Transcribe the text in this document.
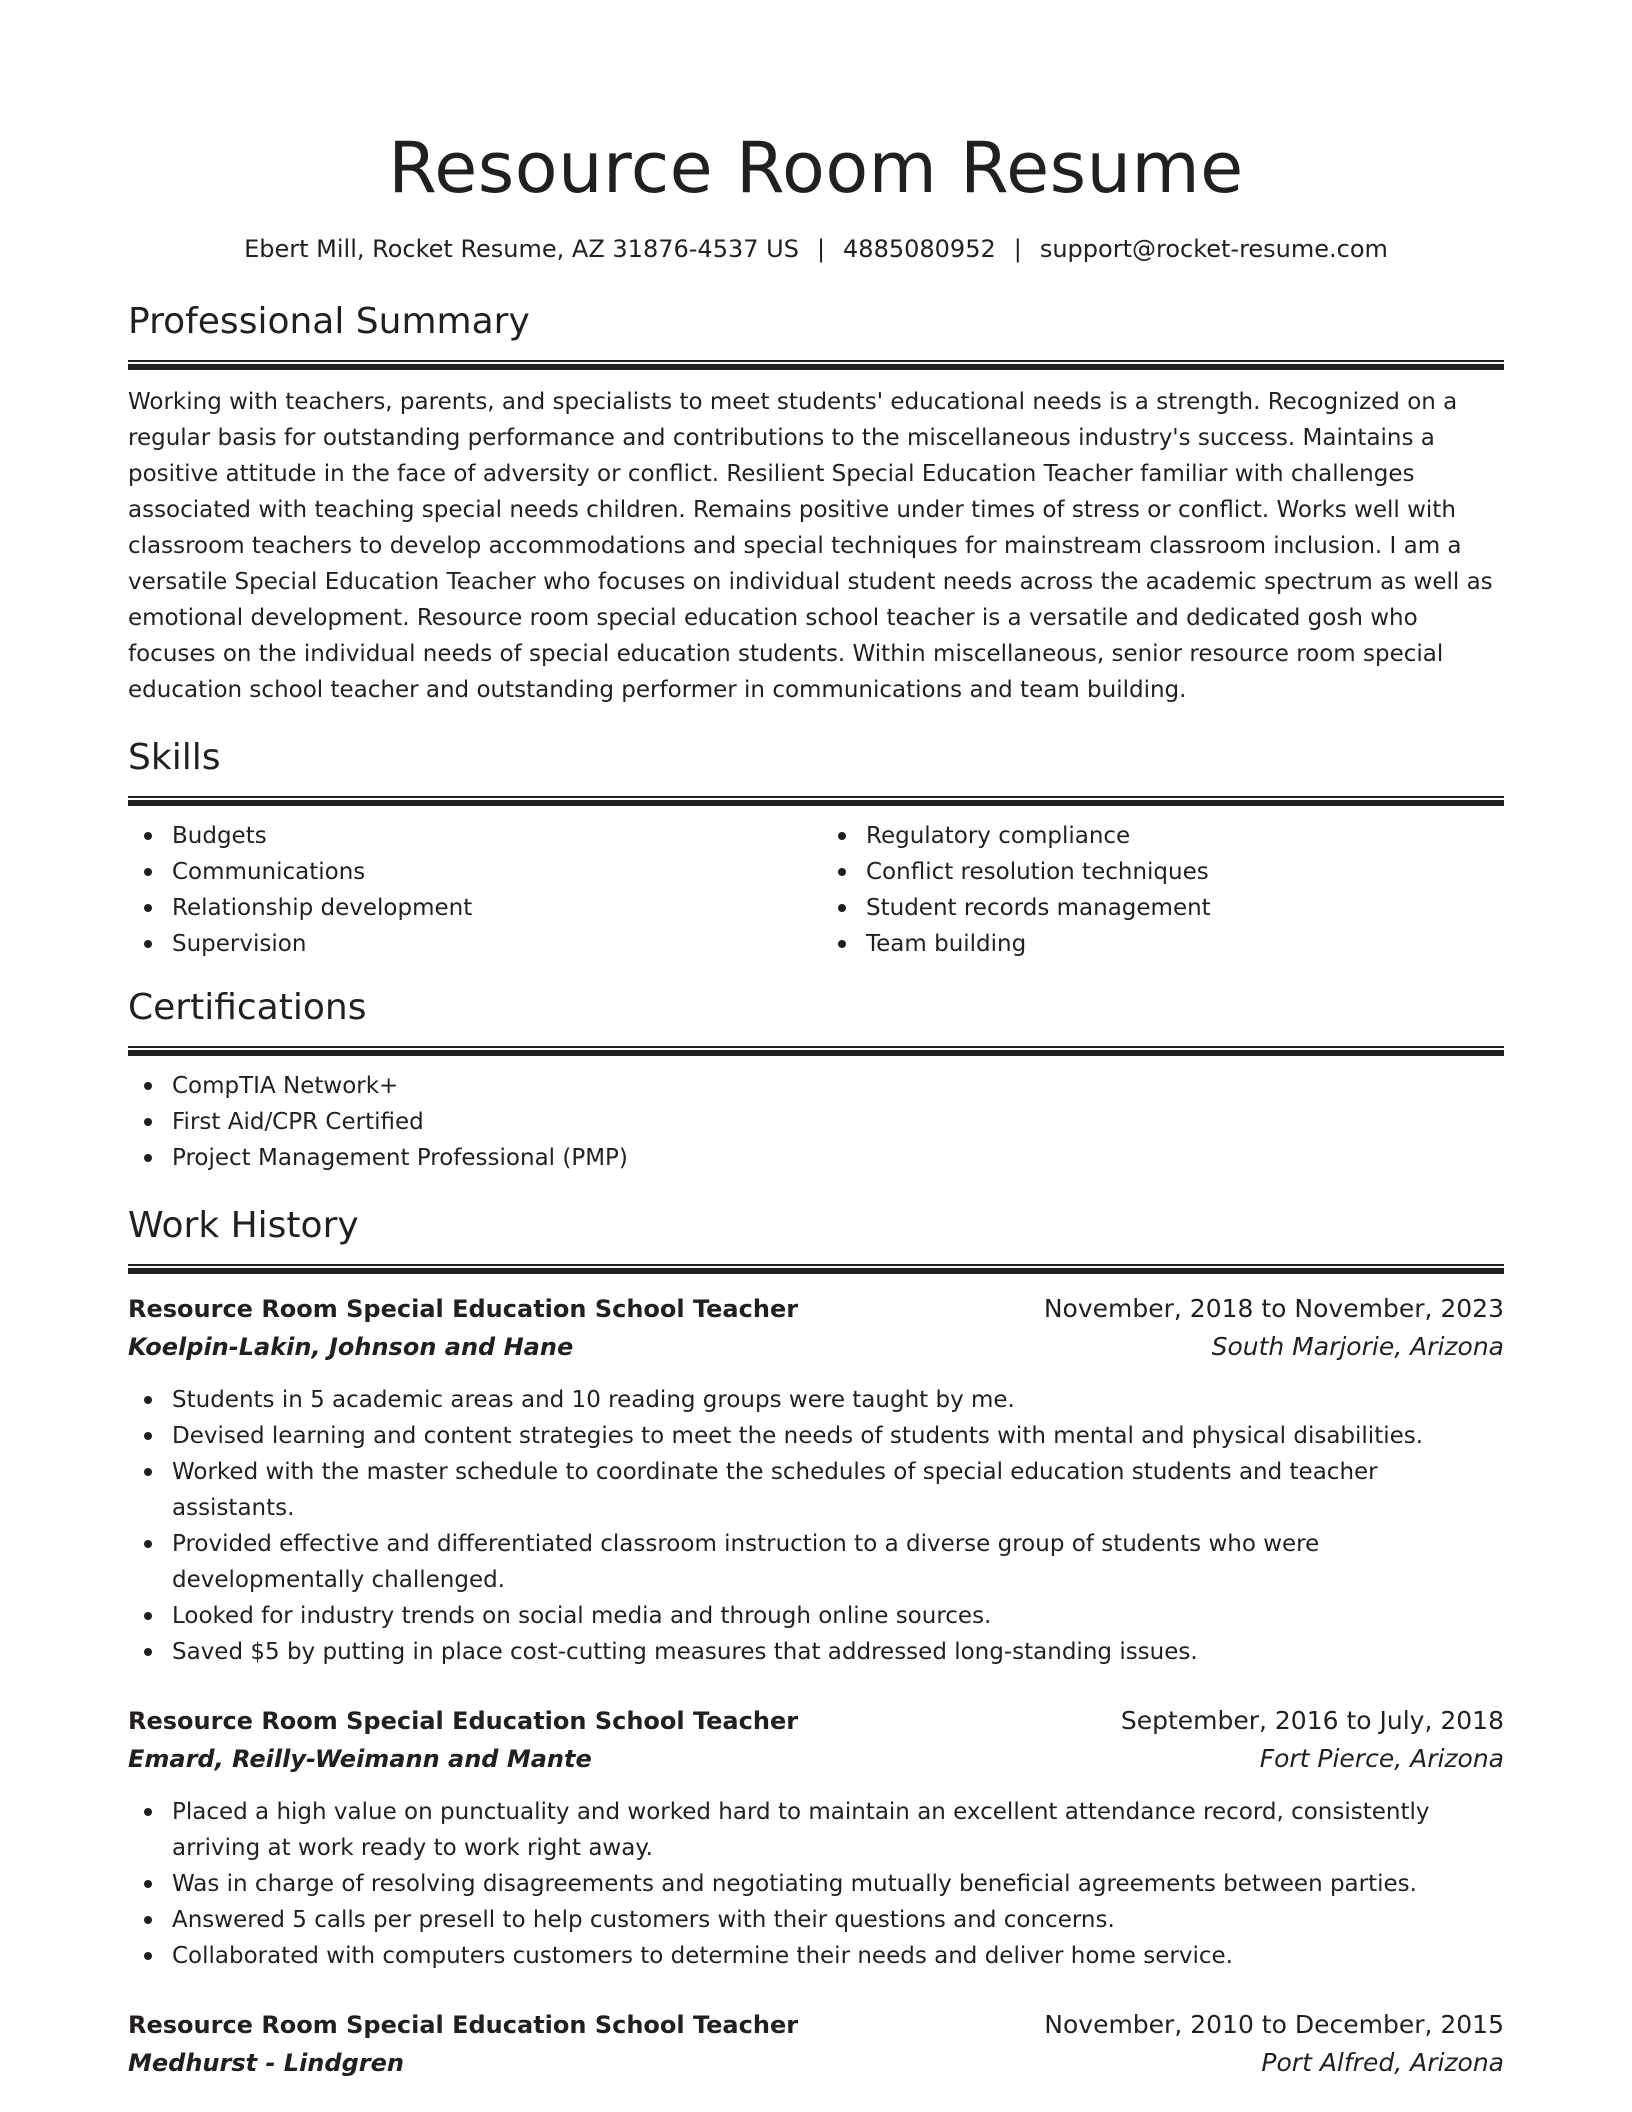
Resource Room Resume
Ebert Mill, Rocket Resume, AZ 31876-4537 US | 4885080952 | support@rocket-resume.com
Professional Summary
Working with teachers, parents, and specialists to meet students' educational needs is a strength. Recognized on a regular basis for outstanding performance and contributions to the miscellaneous industry's success. Maintains a positive attitude in the face of adversity or conflict. Resilient Special Education Teacher familiar with challenges associated with teaching special needs children. Remains positive under times of stress or conflict. Works well with classroom teachers to develop accommodations and special techniques for mainstream classroom inclusion. I am a versatile Special Education Teacher who focuses on individual student needs across the academic spectrum as well as emotional development. Resource room special education school teacher is a versatile and dedicated gosh who focuses on the individual needs of special education students. Within miscellaneous, senior resource room special education school teacher and outstanding performer in communications and team building.
Skills
Budgets
Communications
Relationship development
Supervision
Regulatory compliance
Conflict resolution techniques
Student records management
Team building
Certifications
CompTIA Network+
First Aid/CPR Certified
Project Management Professional (PMP)
Work History
Resource Room Special Education School Teacher	November, 2018 to November, 2023
Koelpin-Lakin, Johnson and Hane	South Marjorie, Arizona
Students in 5 academic areas and 10 reading groups were taught by me.
Devised learning and content strategies to meet the needs of students with mental and physical disabilities.
Worked with the master schedule to coordinate the schedules of special education students and teacher assistants.
Provided effective and differentiated classroom instruction to a diverse group of students who were developmentally challenged.
Looked for industry trends on social media and through online sources.
Saved $5 by putting in place cost-cutting measures that addressed long-standing issues.
Resource Room Special Education School Teacher	September, 2016 to July, 2018
Emard, Reilly-Weimann and Mante	Fort Pierce, Arizona
Placed a high value on punctuality and worked hard to maintain an excellent attendance record, consistently arriving at work ready to work right away.
Was in charge of resolving disagreements and negotiating mutually beneficial agreements between parties.
Answered 5 calls per presell to help customers with their questions and concerns.
Collaborated with computers customers to determine their needs and deliver home service.
Resource Room Special Education School Teacher	November, 2010 to December, 2015
Medhurst - Lindgren	Port Alfred, Arizona
